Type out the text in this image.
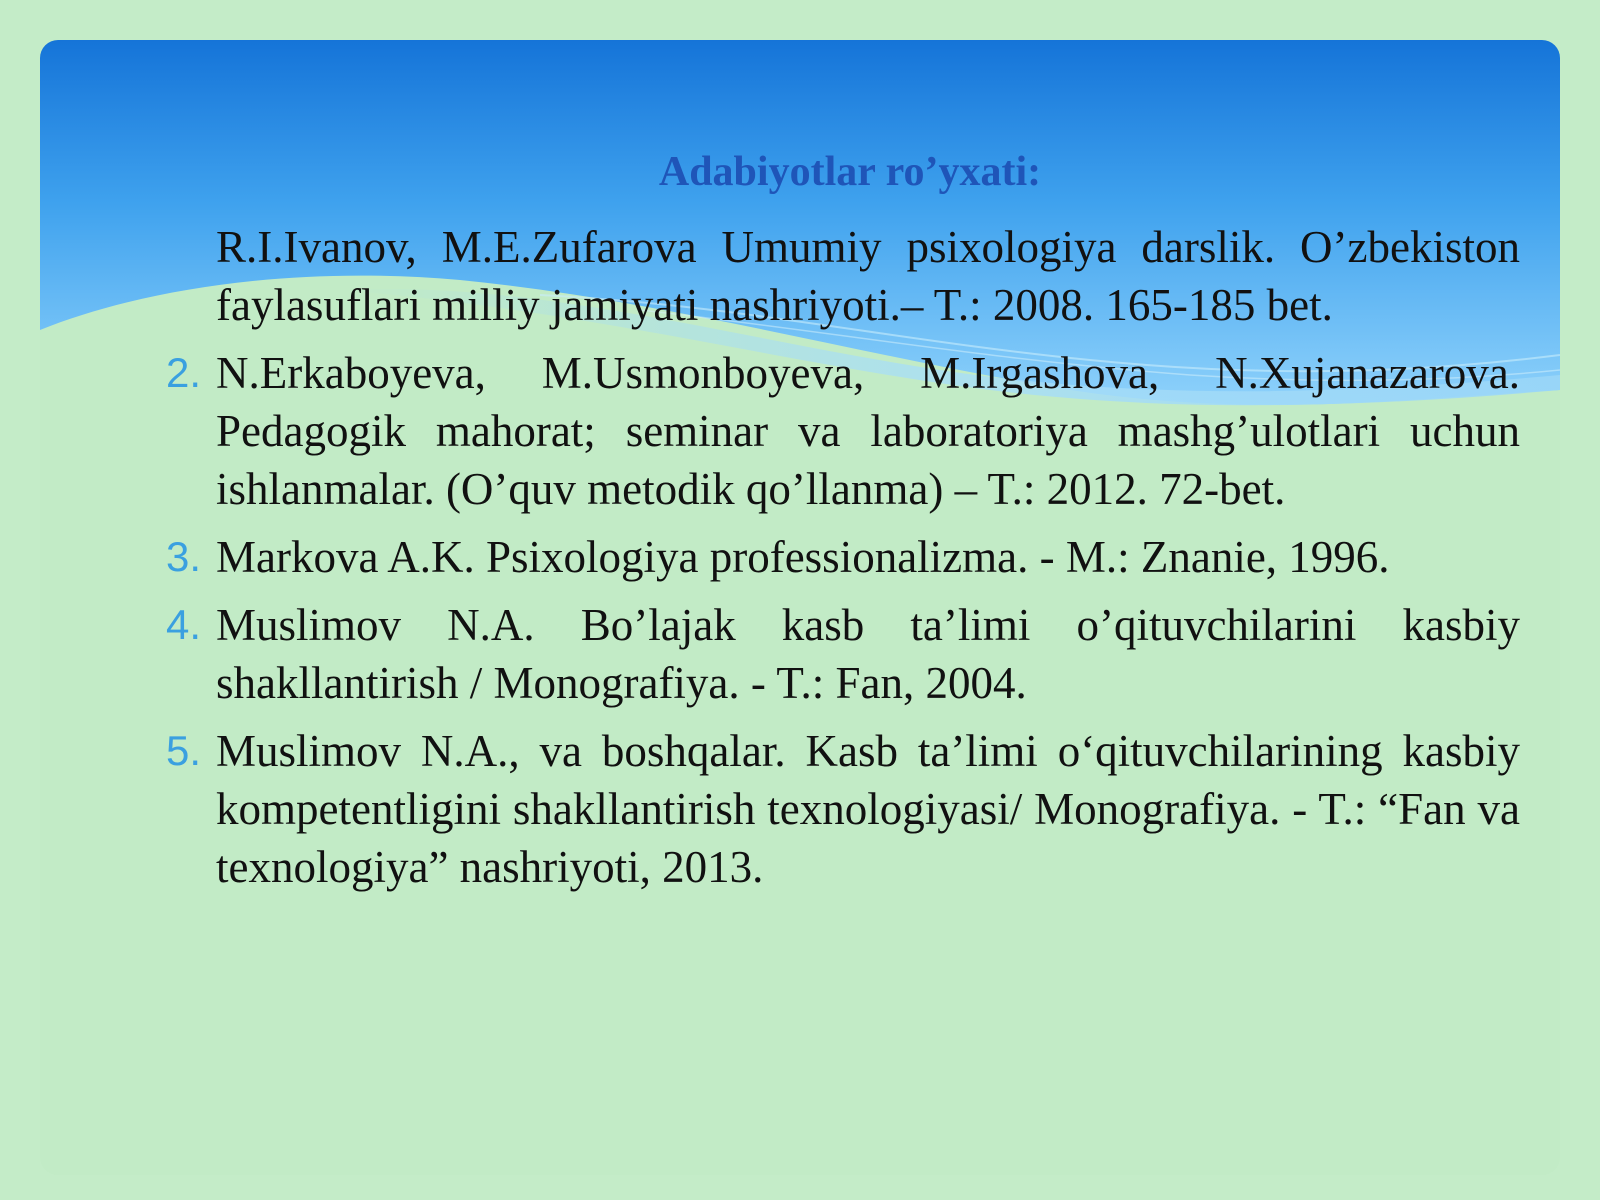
Adabiyotlar ro’yxati:
R.I.Ivanov, M.E.Zufarova Umumiy psixologiya darslik. O’zbekiston faylasuflari milliy jamiyati nashriyoti.– T.: 2008. 165-185 bet.
2. N.Erkaboyeva, M.Usmonboyeva, M.Irgashova, N.Xujanazarova. Pedagogik mahorat; seminar va laboratoriya mashg’ulotlari uchun ishlanmalar. (O’quv metodik qo’llanma) – T.: 2012. 72-bet.
3. Markova A.K. Psixologiya professionalizma. - M.: Znanie, 1996.
4. Muslimov N.A. Bo’lajak kasb ta’limi o’qituvchilarini kasbiy shakllantirish / Monografiya. - T.: Fan, 2004.
5. Muslimov N.A., va boshqalar. Kasb ta’limi o‘qituvchilarining kasbiy kompetentligini shakllantirish texnologiyasi/ Monografiya. - T.: “Fan va texnologiya” nashriyoti, 2013.
